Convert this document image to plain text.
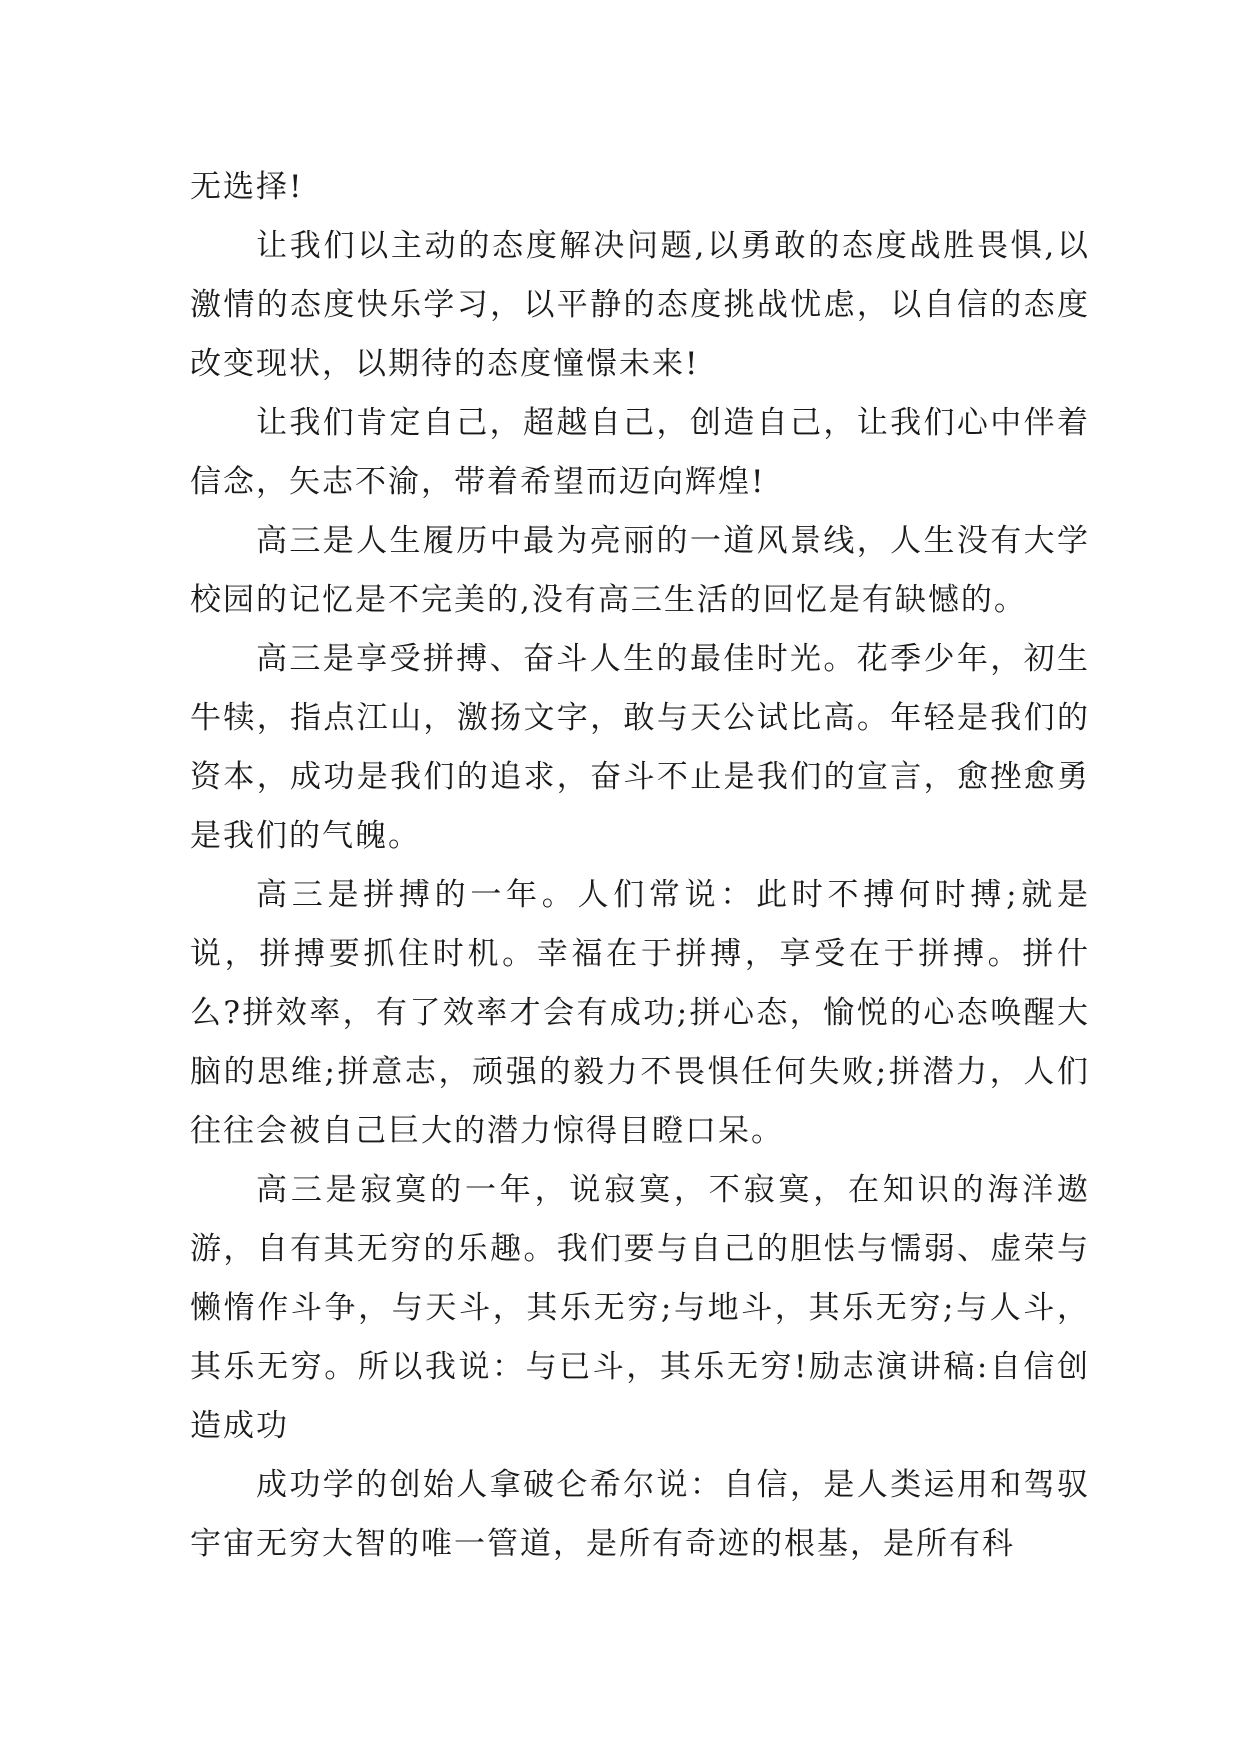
无选择!

让我们以主动的态度解决问题,以勇敢的态度战胜畏惧,以激情的态度快乐学习，以平静的态度挑战忧虑，以自信的态度改变现状，以期待的态度憧憬未来!

让我们肯定自己，超越自己，创造自己，让我们心中伴着信念，矢志不渝，带着希望而迈向辉煌!

高三是人生履历中最为亮丽的一道风景线，人生没有大学校园的记忆是不完美的,没有高三生活的回忆是有缺憾的。

高三是享受拼搏、奋斗人生的最佳时光。花季少年，初生牛犊，指点江山，激扬文字，敢与天公试比高。年轻是我们的资本，成功是我们的追求，奋斗不止是我们的宣言，愈挫愈勇是我们的气魄。

高三是拼搏的一年。人们常说：此时不搏何时搏;就是说，拼搏要抓住时机。幸福在于拼搏，享受在于拼搏。拼什么?拼效率，有了效率才会有成功;拼心态，愉悦的心态唤醒大脑的思维;拼意志，顽强的毅力不畏惧任何失败;拼潜力，人们往往会被自己巨大的潜力惊得目瞪口呆。

高三是寂寞的一年，说寂寞，不寂寞，在知识的海洋遨游，自有其无穷的乐趣。我们要与自己的胆怯与懦弱、虚荣与懒惰作斗争，与天斗，其乐无穷;与地斗，其乐无穷;与人斗，其乐无穷。所以我说：与已斗，其乐无穷!励志演讲稿:自信创造成功

成功学的创始人拿破仑希尔说：自信，是人类运用和驾驭宇宙无穷大智的唯一管道，是所有奇迹的根基，是所有科
